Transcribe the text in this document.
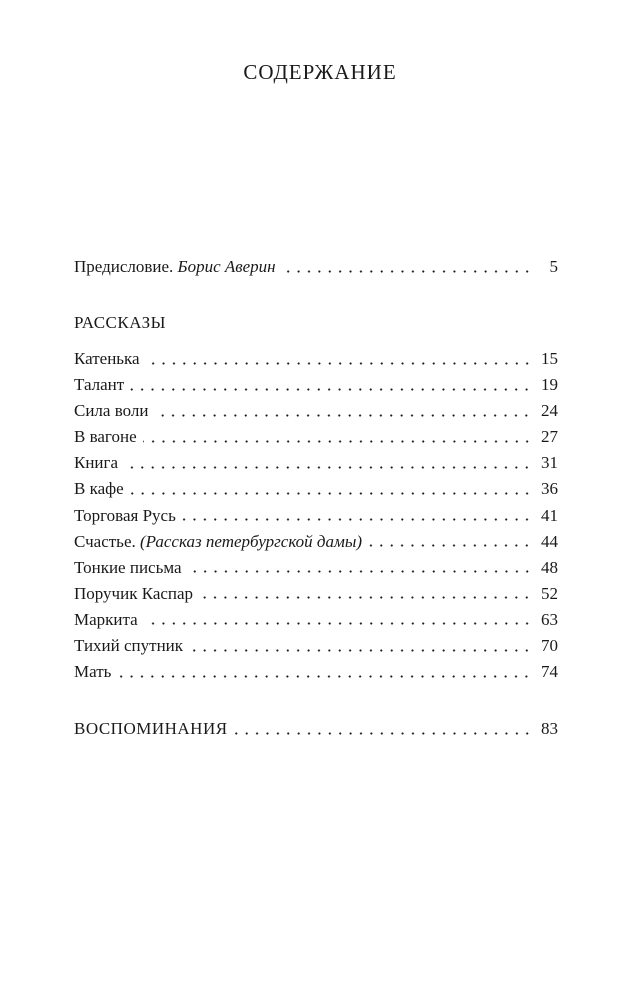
СОДЕРЖАНИЕ
Предисловие. Борис Аверин	5
РАССКАЗЫ
Катенька	15
Талант	19
Сила воли	24
В вагоне	27
Книга	31
В кафе	36
Торговая Русь	41
Счастье. (Рассказ петербургской дамы)	44
Тонкие письма	48
Поручик Каспар	52
Маркита	63
Тихий спутник	70
Мать	74
ВОСПОМИНАНИЯ	83
